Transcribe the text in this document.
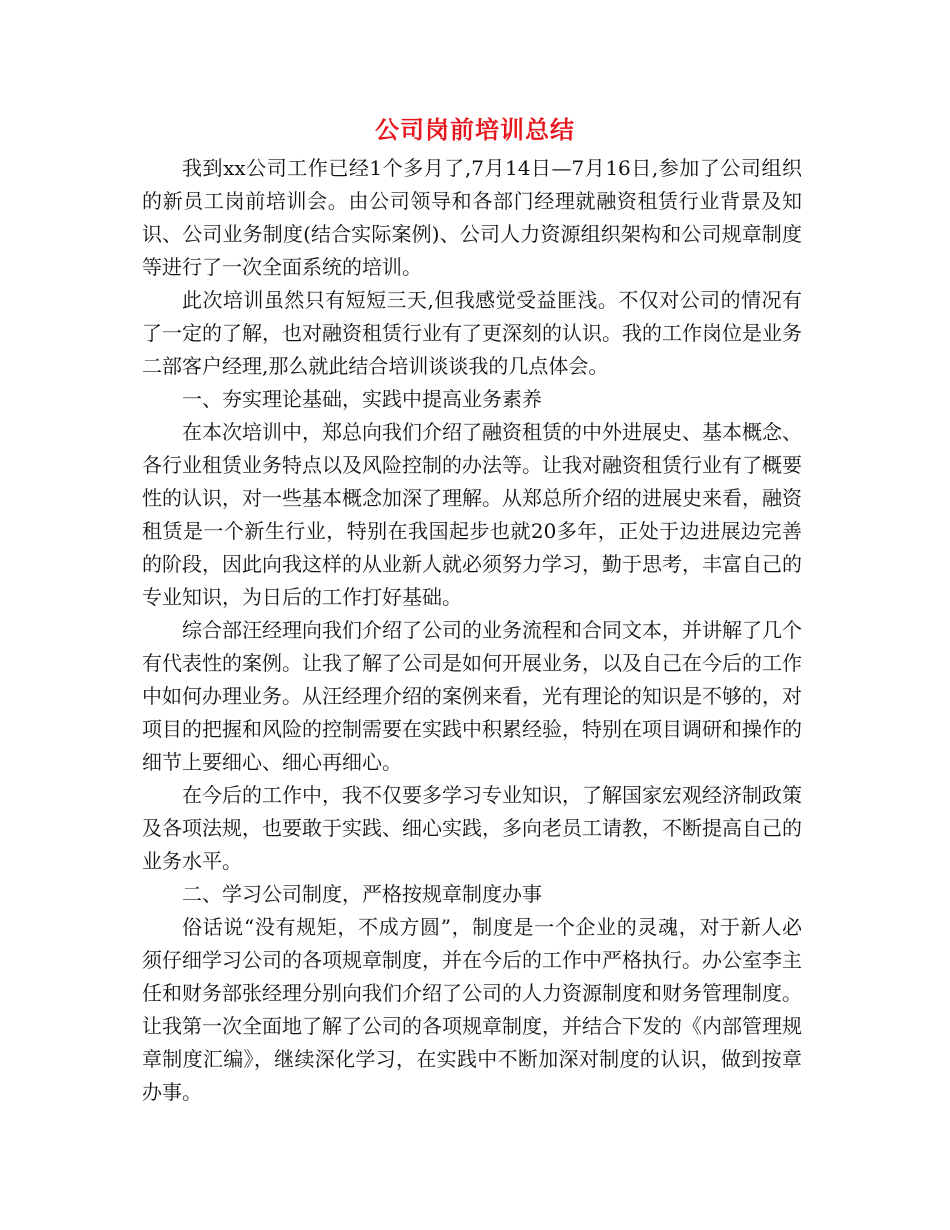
公司岗前培训总结

我到xx公司工作已经1个多月了,7月14日—7月16日,参加了公司组织的新员工岗前培训会。由公司领导和各部门经理就融资租赁行业背景及知识、公司业务制度(结合实际案例)、公司人力资源组织架构和公司规章制度等进行了一次全面系统的培训。

此次培训虽然只有短短三天,但我感觉受益匪浅。不仅对公司的情况有了一定的了解，也对融资租赁行业有了更深刻的认识。我的工作岗位是业务二部客户经理,那么就此结合培训谈谈我的几点体会。

一、夯实理论基础，实践中提高业务素养

在本次培训中，郑总向我们介绍了融资租赁的中外进展史、基本概念、各行业租赁业务特点以及风险控制的办法等。让我对融资租赁行业有了概要性的认识，对一些基本概念加深了理解。从郑总所介绍的进展史来看，融资租赁是一个新生行业，特别在我国起步也就20多年，正处于边进展边完善的阶段，因此向我这样的从业新人就必须努力学习，勤于思考，丰富自己的专业知识，为日后的工作打好基础。

综合部汪经理向我们介绍了公司的业务流程和合同文本，并讲解了几个有代表性的案例。让我了解了公司是如何开展业务，以及自己在今后的工作中如何办理业务。从汪经理介绍的案例来看，光有理论的知识是不够的，对项目的把握和风险的控制需要在实践中积累经验，特别在项目调研和操作的细节上要细心、细心再细心。

在今后的工作中，我不仅要多学习专业知识，了解国家宏观经济制政策及各项法规，也要敢于实践、细心实践，多向老员工请教，不断提高自己的业务水平。

二、学习公司制度，严格按规章制度办事

俗话说“没有规矩，不成方圆”，制度是一个企业的灵魂，对于新人必须仔细学习公司的各项规章制度，并在今后的工作中严格执行。办公室李主任和财务部张经理分别向我们介绍了公司的人力资源制度和财务管理制度。让我第一次全面地了解了公司的各项规章制度，并结合下发的《内部管理规章制度汇编》，继续深化学习，在实践中不断加深对制度的认识，做到按章办事。
